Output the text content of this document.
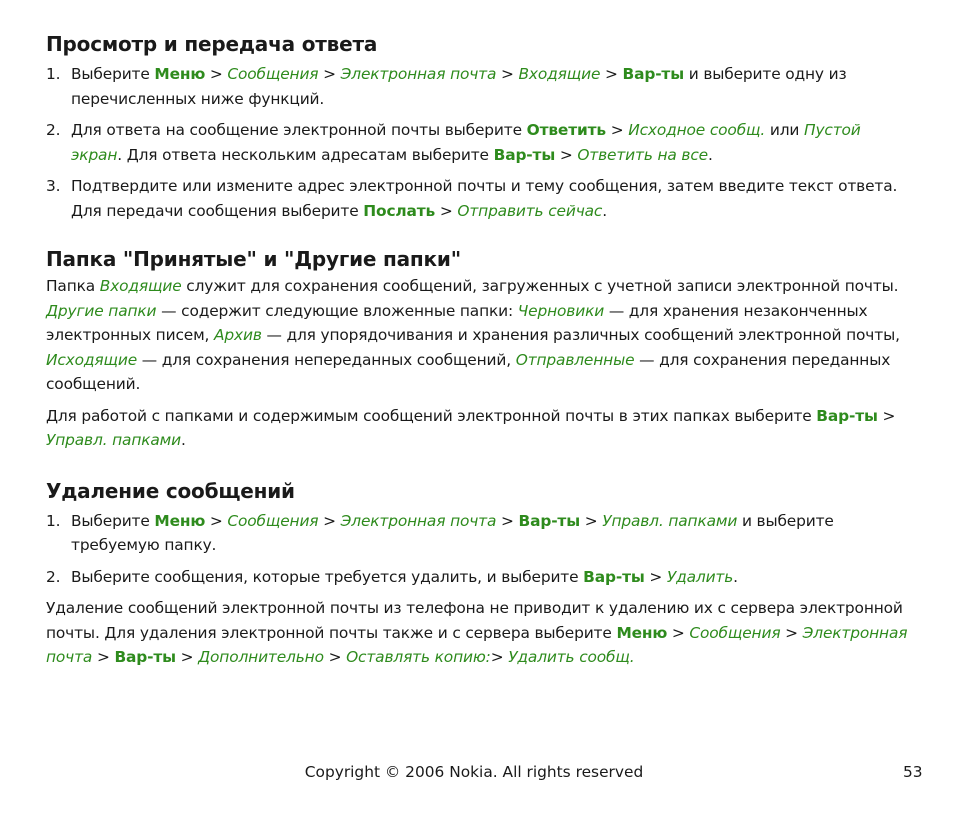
Просмотр и передача ответа
1. Выберите Меню > Сообщения > Электронная почта > Входящие > Вар-ты и выберите одну из перечисленных ниже функций.
2. Для ответа на сообщение электронной почты выберите Ответить > Исходное сообщ. или Пустой экран. Для ответа нескольким адресатам выберите Вар-ты > Ответить на все.
3. Подтвердите или измените адрес электронной почты и тему сообщения, затем введите текст ответа. Для передачи сообщения выберите Послать > Отправить сейчас.
Папка "Принятые" и "Другие папки"

Папка Входящие служит для сохранения сообщений, загруженных с учетной записи электронной почты. Другие папки — содержит следующие вложенные папки: Черновики — для хранения незаконченных электронных писем, Архив — для упорядочивания и хранения различных сообщений электронной почты, Исходящие — для сохранения непереданных сообщений, Отправленные — для сохранения переданных сообщений.

Для работой с папками и содержимым сообщений электронной почты в этих папках выберите Вар-ты > Управл. папками.

Удаление сообщений
1. Выберите Меню > Сообщения > Электронная почта > Вар-ты > Управл. папками и выберите требуемую папку.
2. Выберите сообщения, которые требуется удалить, и выберите Вар-ты > Удалить.

Удаление сообщений электронной почты из телефона не приводит к удалению их с сервера электронной почты. Для удаления электронной почты также и с сервера выберите Меню > Сообщения > Электронная почта > Вар-ты > Дополнительно > Оставлять копию:> Удалить сообщ.

Copyright © 2006 Nokia. All rights reserved	53
